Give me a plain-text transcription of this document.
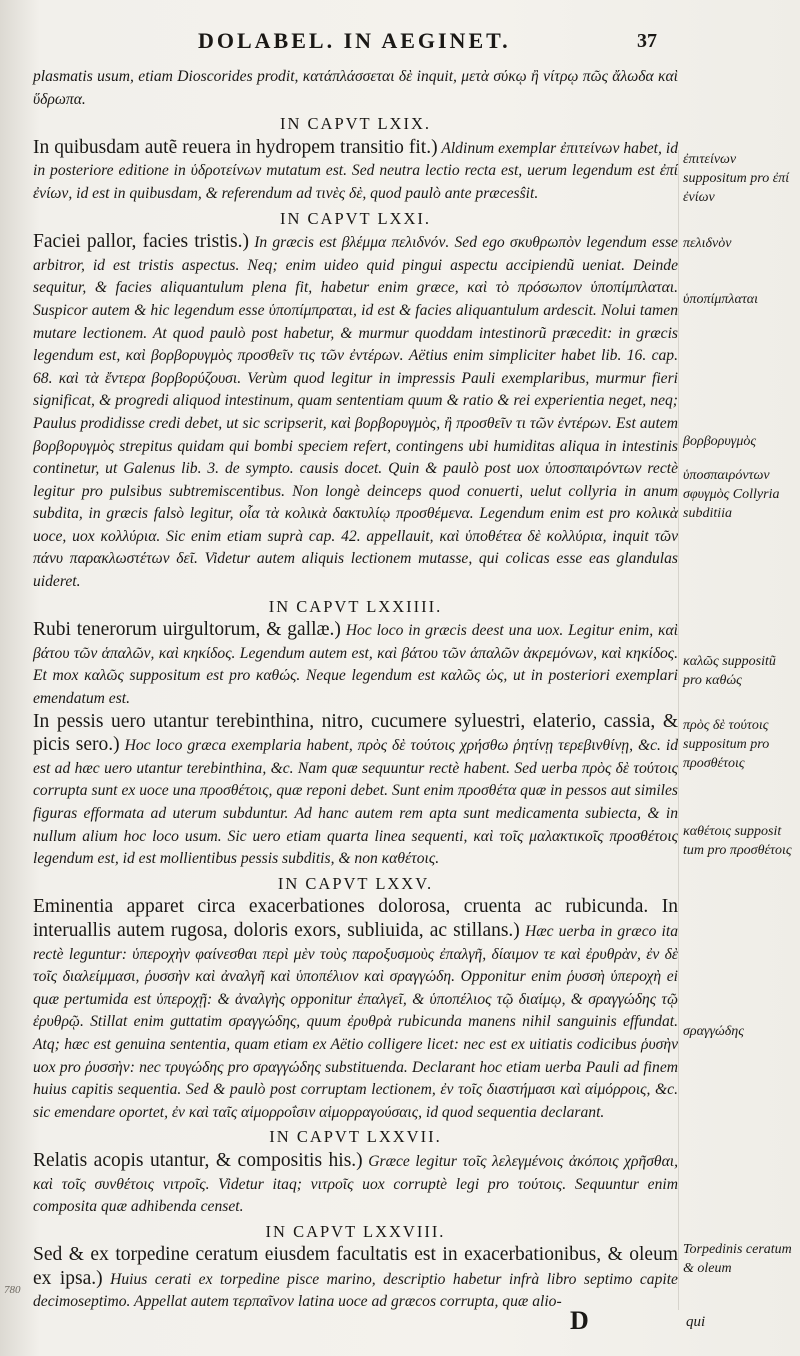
DOLABEL. IN AEGINET.	37

plasmatis usum, etiam Dioscorides prodit, κατάπλάσσεται δὲ inquit, μετὰ σύκῳ ἢ νίτρῳ πῶς ἄλωδα καὶ ὕδρωπα.

IN CAPVT LXIX.

In quibusdam autẽ reuera in hydropem transitio fit.) Aldinum exemplar ἐπιτείνων habet, id in posteriore editione in ὑδροτείνων mutatum est. Sed neutra lectio recta est, uerum legendum est ἐπί ἐνίων, id est in quibusdam, & referendum ad τινὲς δὲ, quod paulò ante præcesŝit.

IN CAPVT LXXI.

Faciei pallor, facies tristis.) In græcis est βλέμμα πελιδνόν. Sed ego σκυθρωπὸν legendum esse arbitror, id est tristis aspectus. Neq; enim uideo quid pingui aspectu accipiendũ ueniat. Deinde sequitur, & facies aliquantulum plena fit, habetur enim græce, καὶ τὸ πρόσωπον ὑποπίμπλαται. Suspicor autem & hic legendum esse ὑποπίμπραται, id est & facies aliquantulum ardescit. Nolui tamen mutare lectionem. At quod paulò post habetur, & murmur quoddam intestinorũ præcedit: in græcis legendum est, καὶ βορβορυγμὸς προσθεῖν τις τῶν ἐντέρων. Aëtius enim simpliciter habet lib. 16. cap. 68. καὶ τὰ ἔντερα βορβορύζουσι. Verùm quod legitur in impressis Pauli exemplaribus, murmur fieri significat, & progredi aliquod intestinum, quam sententiam quum & ratio & rei experientia neget, neq; Paulus prodidisse credi debet, ut sic scripserit, καὶ βορβορυγμὸς, ἢ προσθεῖν τι τῶν ἐντέρων. Est autem βορβορυγμὸς strepitus quidam qui bombi speciem refert, contingens ubi humiditas aliqua in intestinis continetur, ut Galenus lib. 3. de sympto. causis docet. Quin & paulò post uox ὑποσπαιρόντων rectè legitur pro pulsibus subtremiscentibus. Non longè deinceps quod conuerti, uelut collyria in anum subdita, in græcis falsò legitur, οἷα τὰ κολικὰ δακτυλίῳ προσθέμενα. Legendum enim est pro κολικὰ uoce, uox κολλύρια. Sic enim etiam suprà cap. 42. appellauit, καὶ ὑποθέτεα δὲ κολλύρια, inquit τῶν πάνυ παρακλωστέτων δεῖ. Videtur autem aliquis lectionem mutasse, qui colicas esse eas glandulas uideret.

IN CAPVT LXXIIII.

Rubi tenerorum uirgultorum, & gallæ.) Hoc loco in græcis deest una uox. Legitur enim, καὶ βάτου τῶν ἁπαλῶν, καὶ κηκίδος. Legendum autem est, καὶ βάτου τῶν ἁπαλῶν ἀκρεμόνων, καὶ κηκίδος. Et mox καλῶς suppositum est pro καθώς. Neque legendum est καλῶς ὡς, ut in posteriori exemplari emendatum est.

In pessis uero utantur terebinthina, nitro, cucumere syluestri, elaterio, cassia, & picis sero.) Hoc loco græca exemplaria habent, πρὸς δὲ τούτοις χρήσθω ῥητίνῃ τερεβινθίνῃ, &c. id est ad hæc uero utantur terebinthina, &c. Nam quæ sequuntur rectè habent. Sed uerba πρὸς δὲ τούτοις corrupta sunt ex uoce una προσθέτοις, quæ reponi debet. Sunt enim προσθέτα quæ in pessos aut similes figuras efformata ad uterum subduntur. Ad hanc autem rem apta sunt medicamenta subiecta, & in nullum alium hoc loco usum. Sic uero etiam quarta linea sequenti, καὶ τοῖς μαλακτικοῖς προσθέτοις legendum est, id est mollientibus pessis subditis, & non καθέτοις.

IN CAPVT LXXV.

Eminentia apparet circa exacerbationes dolorosa, cruenta ac rubicunda. In interuallis autem rugosa, doloris exors, subliuida, ac stillans.) Hæc uerba in græco ita rectè leguntur: ὑπεροχὴν φαίνεσθαι περὶ μὲν τοὺς παροξυσμοὺς ἐπαλγῆ, δίαιμον τε καὶ ἐρυθρὰν, ἐν δὲ τοῖς διαλείμμασι, ῥυσσὴν καὶ ἀναλγῆ καὶ ὑποπέλιον καὶ σραγγώδη. Opponitur enim ῥυσσὴ ὑπεροχὴ ei quæ pertumida est ὑπεροχῇ: & ἀναλγὴς opponitur ἐπαλγεῖ, & ὑποπέλιος τῷ διαίμῳ, & σραγγώδης τῷ ἐρυθρῷ. Stillat enim guttatim σραγγώδης, quum ἐρυθρὰ rubicunda manens nihil sanguinis effundat. Atq; hæc est genuina sententia, quam etiam ex Aëtio colligere licet: nec est ex uitiatis codicibus ῥυσὴν uox pro ῥυσσὴν: nec τρυγώδης pro σραγγώδης substituenda. Declarant hoc etiam uerba Pauli ad finem huius capitis sequentia. Sed & paulò post corruptam lectionem, ἐν τοῖς διαστήμασι καὶ αἱμόρροις, &c. sic emendare oportet, ἐν καὶ ταῖς αἱμορροΐσιν αἱμορραγούσαις, id quod sequentia declarant.

IN CAPVT LXXVII.

Relatis acopis utantur, & compositis his.) Græce legitur τοῖς λελεγμένοις ἀκόποις χρῆσθαι, καὶ τοῖς συνθέτοις νιτροῖς. Videtur itaq; νιτροῖς uox corruptè legi pro τούτοις. Sequuntur enim composita quæ adhibenda censet.

IN CAPVT LXXVIII.

Sed & ex torpedine ceratum eiusdem facultatis est in exacerbationibus, & oleum ex ipsa.) Huius cerati ex torpedine pisce marino, descriptio habetur infrà libro septimo capite decimoseptimo. Appellat autem τερπαῖνον latina uoce ad græcos corrupta, quæ alio-

ἐπιτείνων suppositum pro ἐπί ἐνίων
πελιδνὸν
ὑποπίμπλαται
βορβορυγμὸς
ὑποσπαιρόντων σφυγμὸς Collyria subditiia
καλῶς suppositũ pro καθώς
πρὸς δὲ τούτοις suppositum pro προσθέτοις
καθέτοις supposit tum pro προσθέτοις
σραγγώδης
Torpedinis ceratum & oleum
D	qui
780
